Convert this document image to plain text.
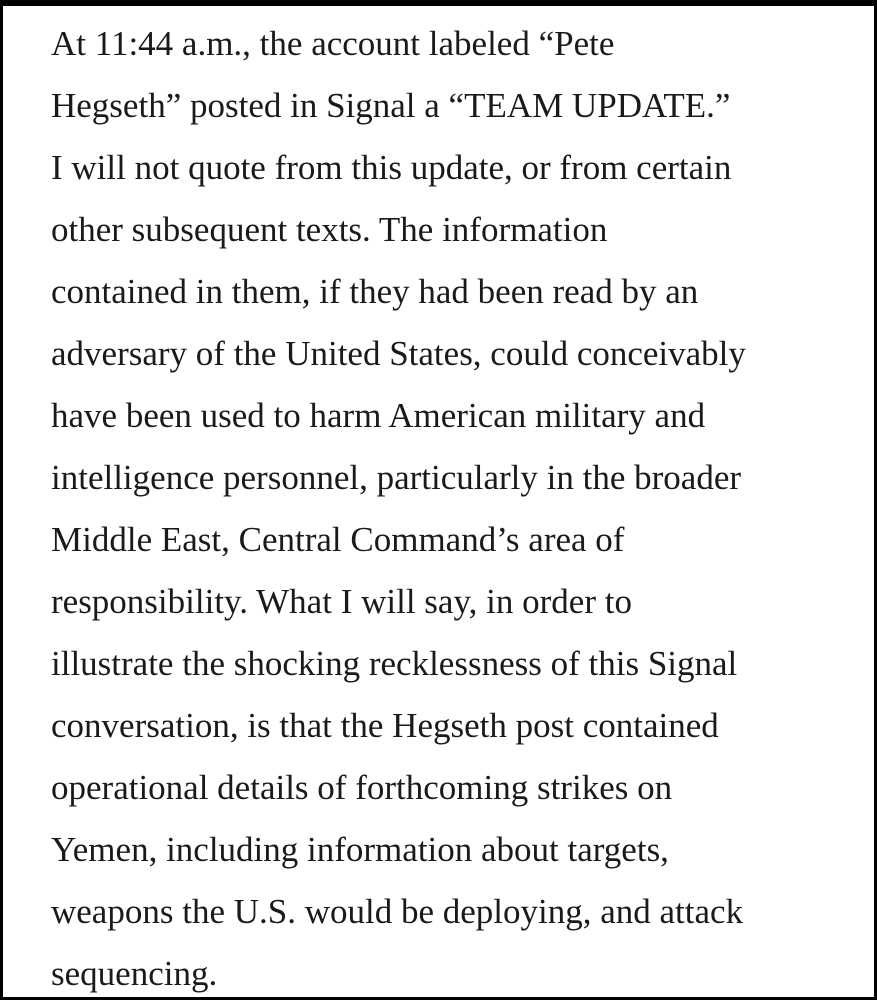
At 11:44 a.m., the account labeled “Pete

Hegseth” posted in Signal a “TEAM UPDATE.”

I will not quote from this update, or from certain

other subsequent texts. The information

contained in them, if they had been read by an

adversary of the United States, could conceivably

have been used to harm American military and

intelligence personnel, particularly in the broader

Middle East, Central Command’s area of

responsibility. What I will say, in order to

illustrate the shocking recklessness of this Signal

conversation, is that the Hegseth post contained

operational details of forthcoming strikes on

Yemen, including information about targets,

weapons the U.S. would be deploying, and attack

sequencing.
